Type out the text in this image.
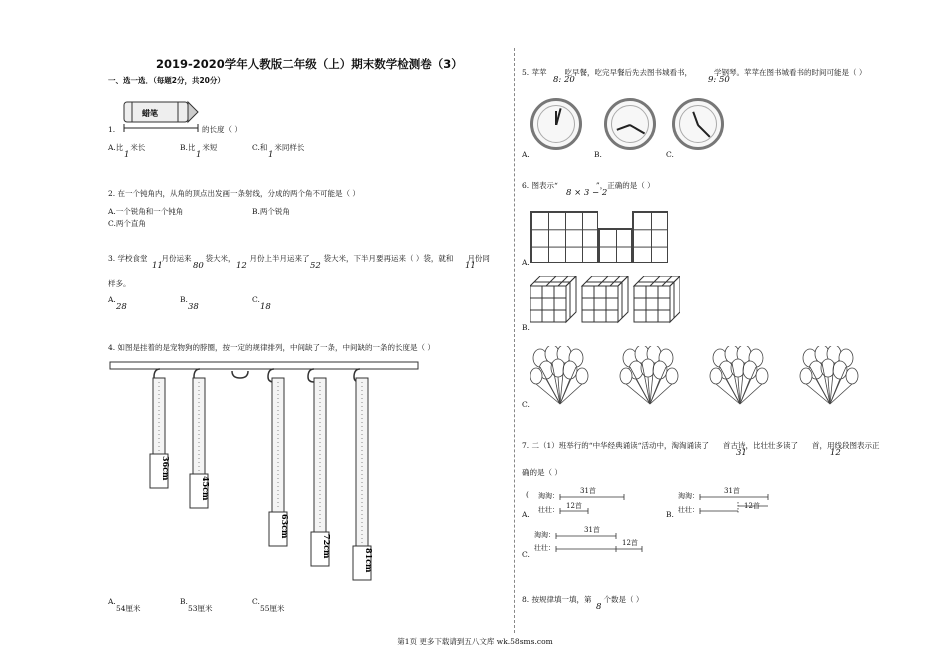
2019-2020学年人教版二年级（上）期末数学检测卷（3）
一、选一选．（每题2分，共20分）
蜡笔
1.	的长度（ ）
A.比 米长
1
B.比 米短
1
C.和 米同样长
1
2. 在一个钝角内，从角的顶点出发画一条射线，分成的两个角不可能是（ ）
A.一个锐角和一个钝角	B.两个锐角
C.两个直角
3. 学校食堂 月份运来 袋大米， 月份上半月运来了 袋大米，下半月要再运来（ ）袋，就和 月份同
11	80	12	52	11
样多。
A.
28
B.
38
C.
18
4. 如图是挂着的是宠物狗的脖圈，按一定的规律排列，中间缺了一条，中间缺的一条的长度是（ ）
36cm
45cm
63cm
72cm
81cm
A.
54厘米
B.
53厘米
C.
55厘米
5. 苹苹 吃早餐，吃完早餐后先去图书城看书，	学钢琴。苹苹在图书城看书的时间可能是（ ）
8: 20	9: 50
A.	B.	C.
6. 图表示“	”，正确的是（ ）
8 × 3 − 2
A.
B.
C.
7. 二（1）班举行的“中华经典诵读“活动中，淘淘诵读了 首古诗，比壮壮多读了 首，用线段图表示正
31	12
确的是（ ）
( 淘淘：
壮壮：
31首
12首
A.
淘淘：
壮壮：
31首
12首
B.
淘淘：
壮壮：
31首
12首
C.
8. 按规律填一填，第 个数是（ ）
8
第1页 更多下载请到五八文库 wk.58sms.com
